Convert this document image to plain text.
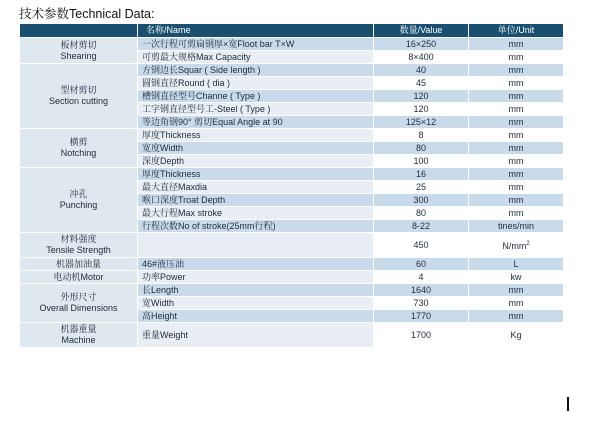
技术参数Technical Data:
	名称/Name	数量/Value	单位/Unit

板材剪切
Shearing	一次行程可剪扁钢厚×宽Floot bar T×W	16×250	mm
	可剪最大规格Max Capacity	8×400	mm

型材剪切
Section cutting	方钢边长Squar ( Side length )	40	mm
	圆钢直径Round ( dia )	45	mm
	槽钢直径型号Channe ( Type )	120	mm
	工字钢直径型号工-Steel ( Type )	120	mm
	等边角钢90° 剪切Equal Angle at 90	125×12	mm

横剪
Notching	厚度Thickness	8	mm
	宽度Width	80	mm
	深度Depth	100	mm

冲孔
Punching	厚度Thickness	16	mm
	最大直径Maxdia	25	mm
	喉口深度Troat Depth	300	mm
	最大行程Max stroke	80	mm
	行程次数No of stroke(25mm行程)	8-22	tines/min

材料强度
Tensile Strength		450	$N/mm^2$

机器加油量	46#液压油	60	L

电动机Motor	功率Power	4	kw

外形尺寸
Overall Dimensions	长Length	1640	mm
	宽Width	730	mm
	高Height	1770	mm

机器重量
Machine	重量Weight	1700	Kg
